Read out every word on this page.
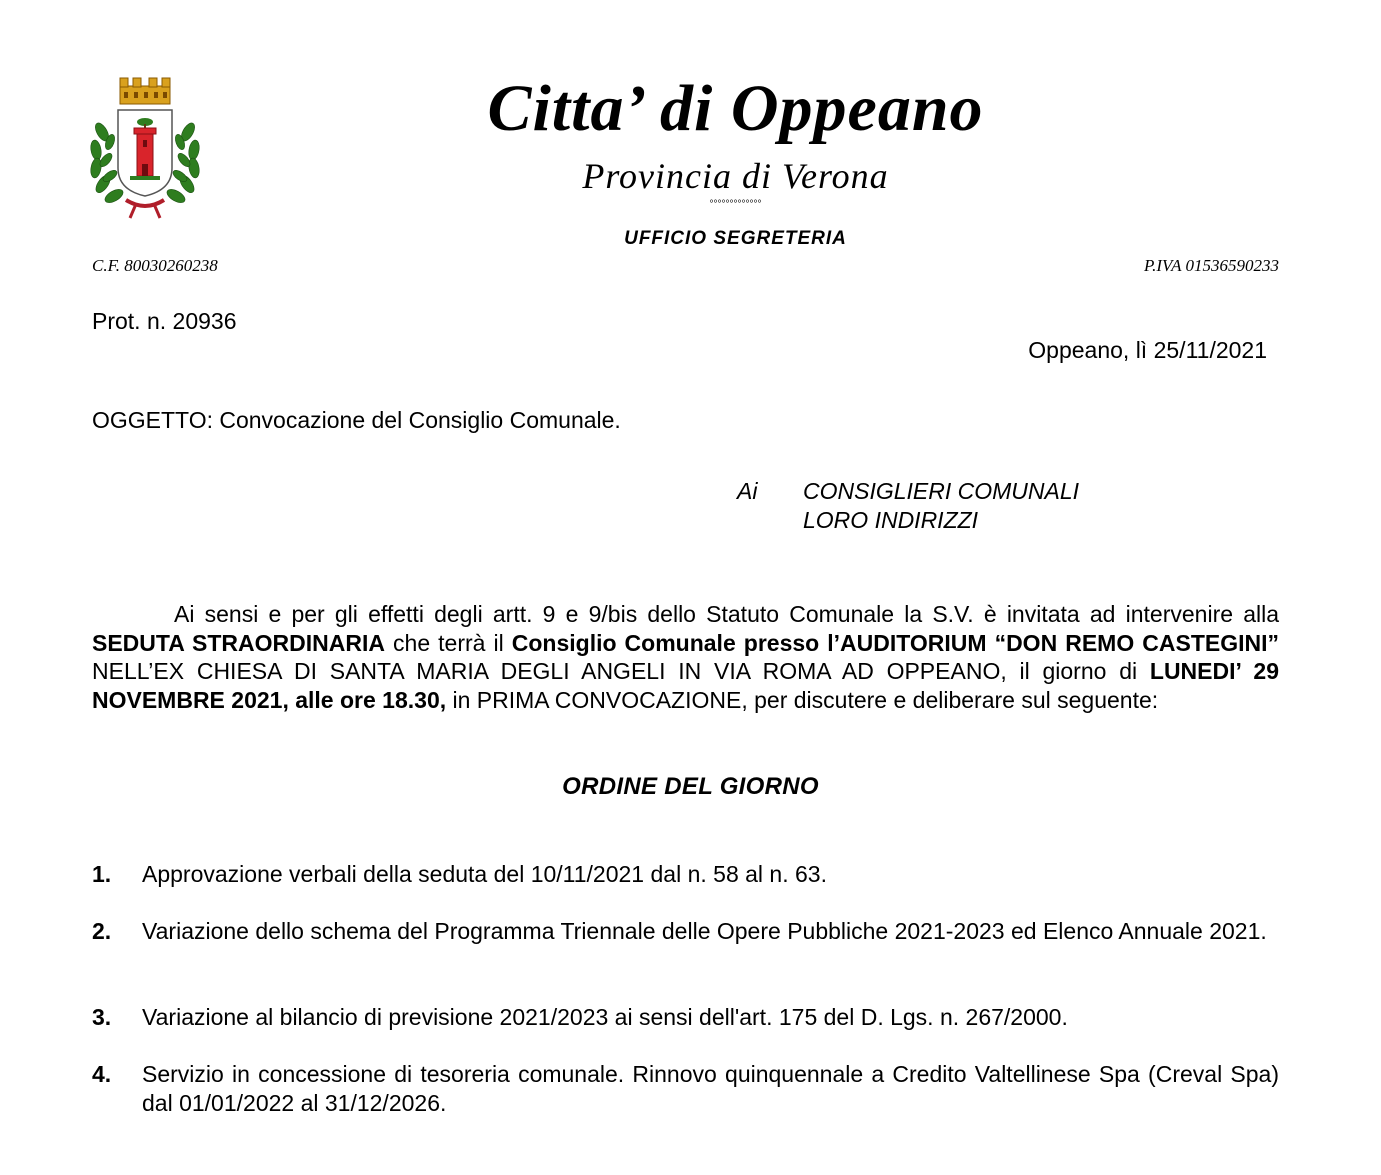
Citta’ di Oppeano
Provincia di Verona
°°°°°°°°°°°°°
UFFICIO SEGRETERIA
C.F. 80030260238	P.IVA 01536590233
Prot. n. 20936
Oppeano, lì 25/11/2021
OGGETTO: Convocazione del Consiglio Comunale.
Ai CONSIGLIERI COMUNALI
LORO INDIRIZZI
Ai sensi e per gli effetti degli artt. 9 e 9/bis dello Statuto Comunale la S.V. è invitata ad intervenire alla SEDUTA STRAORDINARIA che terrà il Consiglio Comunale presso l’AUDITORIUM “DON REMO CASTEGINI” NELL’EX CHIESA DI SANTA MARIA DEGLI ANGELI IN VIA ROMA AD OPPEANO, il giorno di LUNEDI’ 29 NOVEMBRE 2021, alle ore 18.30, in PRIMA CONVOCAZIONE, per discutere e deliberare sul seguente:
ORDINE DEL GIORNO
1. Approvazione verbali della seduta del 10/11/2021 dal n. 58 al n. 63.
2. Variazione dello schema del Programma Triennale delle Opere Pubbliche 2021-2023 ed Elenco Annuale 2021.
3. Variazione al bilancio di previsione 2021/2023 ai sensi dell'art. 175 del D. Lgs. n. 267/2000.
4. Servizio in concessione di tesoreria comunale. Rinnovo quinquennale a Credito Valtellinese Spa (Creval Spa) dal 01/01/2022 al 31/12/2026.
